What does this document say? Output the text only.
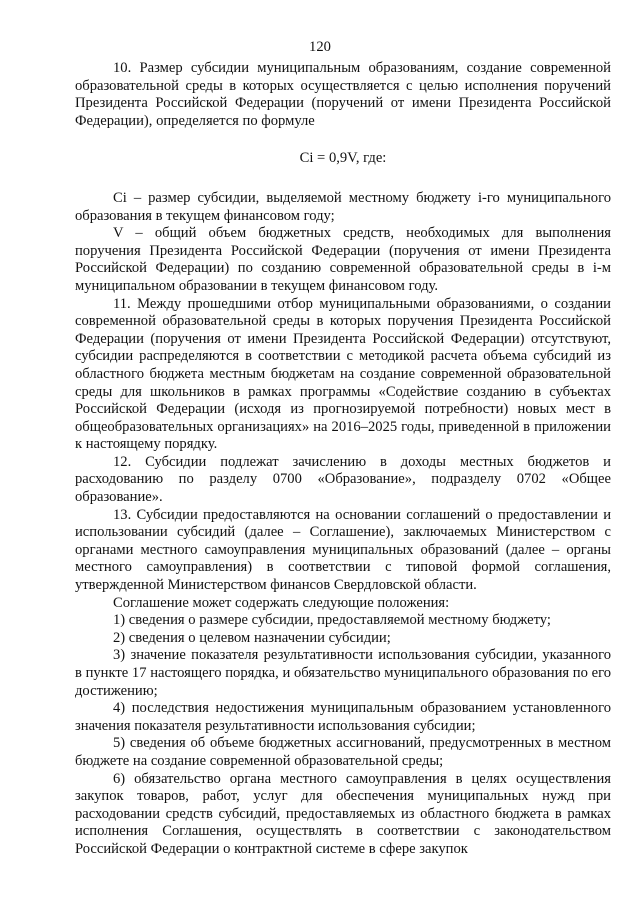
120

10. Размер субсидии муниципальным образованиям, создание современной образовательной среды в которых осуществляется с целью исполнения поручений Президента Российской Федерации (поручений от имени Президента Российской Федерации), определяется по формуле

Ci = 0,9V, где:

Ci – размер субсидии, выделяемой местному бюджету i-го муниципального образования в текущем финансовом году;

V – общий объем бюджетных средств, необходимых для выполнения поручения Президента Российской Федерации (поручения от имени Президента Российской Федерации) по созданию современной образовательной среды в i-м муниципальном образовании в текущем финансовом году.

11. Между прошедшими отбор муниципальными образованиями, о создании современной образовательной среды в которых поручения Президента Российской Федерации (поручения от имени Президента Российской Федерации) отсутствуют, субсидии распределяются в соответствии с методикой расчета объема субсидий из областного бюджета местным бюджетам на создание современной образовательной среды для школьников в рамках программы «Содействие созданию в субъектах Российской Федерации (исходя из прогнозируемой потребности) новых мест в общеобразовательных организациях» на 2016–2025 годы, приведенной в приложении к настоящему порядку.

12. Субсидии подлежат зачислению в доходы местных бюджетов и расходованию по разделу 0700 «Образование», подразделу 0702 «Общее образование».

13. Субсидии предоставляются на основании соглашений о предоставлении и использовании субсидий (далее – Соглашение), заключаемых Министерством с органами местного самоуправления муниципальных образований (далее – органы местного самоуправления) в соответствии с типовой формой соглашения, утвержденной Министерством финансов Свердловской области.

Соглашение может содержать следующие положения:

1) сведения о размере субсидии, предоставляемой местному бюджету;

2) сведения о целевом назначении субсидии;

3) значение показателя результативности использования субсидии, указанного в пункте 17 настоящего порядка, и обязательство муниципального образования по его достижению;

4) последствия недостижения муниципальным образованием установленного значения показателя результативности использования субсидии;

5) сведения об объеме бюджетных ассигнований, предусмотренных в местном бюджете на создание современной образовательной среды;

6) обязательство органа местного самоуправления в целях осуществления закупок товаров, работ, услуг для обеспечения муниципальных нужд при расходовании средств субсидий, предоставляемых из областного бюджета в рамках исполнения Соглашения, осуществлять в соответствии с законодательством Российской Федерации о контрактной системе в сфере закупок
